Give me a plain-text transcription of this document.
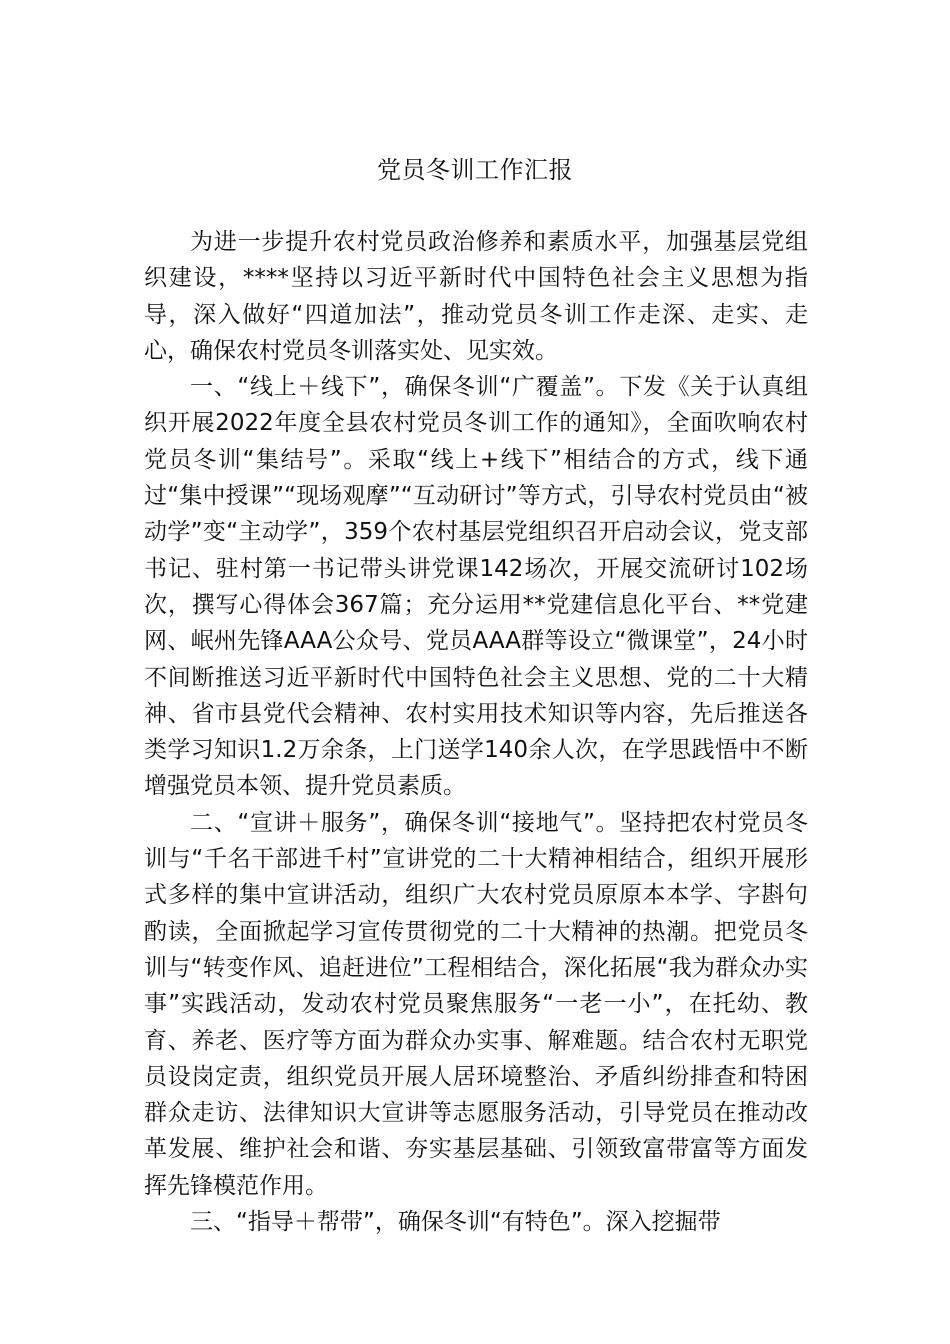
党员冬训工作汇报

为进一步提升农村党员政治修养和素质水平，加强基层党组织建设，****坚持以习近平新时代中国特色社会主义思想为指导，深入做好“四道加法”，推动党员冬训工作走深、走实、走心，确保农村党员冬训落实处、见实效。

一、“线上＋线下”，确保冬训“广覆盖”。下发《关于认真组织开展2022年度全县农村党员冬训工作的通知》，全面吹响农村党员冬训“集结号”。采取“线上+线下”相结合的方式，线下通过“集中授课”“现场观摩”“互动研讨”等方式，引导农村党员由“被动学”变“主动学”，359个农村基层党组织召开启动会议，党支部书记、驻村第一书记带头讲党课142场次，开展交流研讨102场次，撰写心得体会367篇；充分运用**党建信息化平台、**党建网、岷州先锋AAA公众号、党员AAA群等设立“微课堂”，24小时不间断推送习近平新时代中国特色社会主义思想、党的二十大精神、省市县党代会精神、农村实用技术知识等内容，先后推送各类学习知识1.2万余条，上门送学140余人次，在学思践悟中不断增强党员本领、提升党员素质。

二、“宣讲＋服务”，确保冬训“接地气”。坚持把农村党员冬训与“千名干部进千村”宣讲党的二十大精神相结合，组织开展形式多样的集中宣讲活动，组织广大农村党员原原本本学、字斟句酌读，全面掀起学习宣传贯彻党的二十大精神的热潮。把党员冬训与“转变作风、追赶进位”工程相结合，深化拓展“我为群众办实事”实践活动，发动农村党员聚焦服务“一老一小”，在托幼、教育、养老、医疗等方面为群众办实事、解难题。结合农村无职党员设岗定责，组织党员开展人居环境整治、矛盾纠纷排查和特困群众走访、法律知识大宣讲等志愿服务活动，引导党员在推动改革发展、维护社会和谐、夯实基层基础、引领致富带富等方面发挥先锋模范作用。

三、“指导＋帮带”，确保冬训“有特色”。深入挖掘带
